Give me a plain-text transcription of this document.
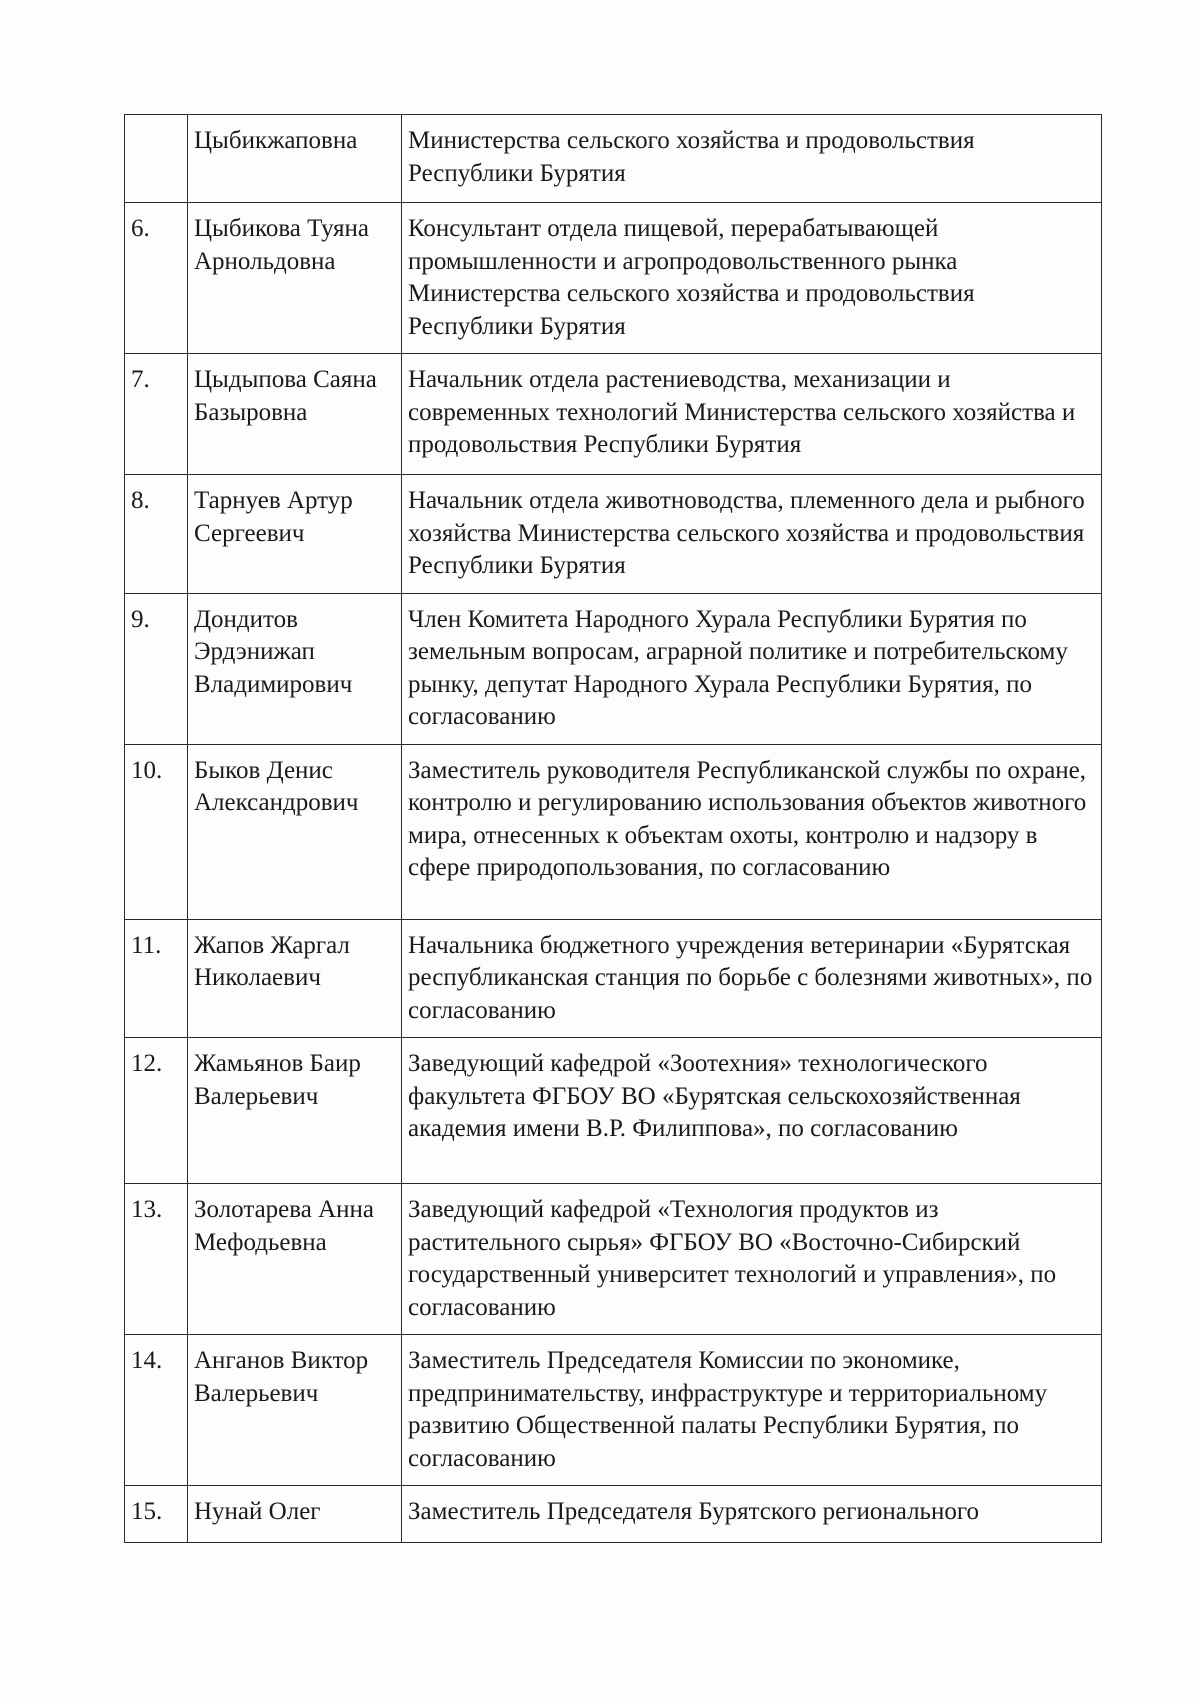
	Цыбикжаповна	Министерства сельского хозяйства и продовольствия Республики Бурятия
6.	Цыбикова Туяна Арнольдовна	Консультант отдела пищевой, перерабатывающей промышленности и агропродовольственного рынка Министерства сельского хозяйства и продовольствия Республики Бурятия
7.	Цыдыпова Саяна Базыровна	Начальник отдела растениеводства, механизации и современных технологий Министерства сельского хозяйства и продовольствия Республики Бурятия
8.	Тарнуев Артур Сергеевич	Начальник отдела животноводства, племенного дела и рыбного хозяйства Министерства сельского хозяйства и продовольствия Республики Бурятия
9.	Дондитов Эрдэнижап Владимирович	Член Комитета Народного Хурала Республики Бурятия по земельным вопросам, аграрной политике и потребительскому рынку, депутат Народного Хурала Республики Бурятия, по согласованию
10.	Быков Денис Александрович	Заместитель руководителя Республиканской службы по охране, контролю и регулированию использования объектов животного мира, отнесенных к объектам охоты, контролю и надзору в сфере природопользования, по согласованию
11.	Жапов Жаргал Николаевич	Начальника бюджетного учреждения ветеринарии «Бурятская республиканская станция по борьбе с болезнями животных», по согласованию
12.	Жамьянов Баир Валерьевич	Заведующий кафедрой «Зоотехния» технологического факультета ФГБОУ ВО «Бурятская сельскохозяйственная академия имени В.Р. Филиппова», по согласованию
13.	Золотарева Анна Мефодьевна	Заведующий кафедрой «Технология продуктов из растительного сырья» ФГБОУ ВО «Восточно-Сибирский государственный университет технологий и управления», по согласованию
14.	Анганов Виктор Валерьевич	Заместитель Председателя Комиссии по экономике, предпринимательству, инфраструктуре и территориальному развитию Общественной палаты Республики Бурятия, по согласованию
15.	Нунай Олег	Заместитель Председателя Бурятского регионального
